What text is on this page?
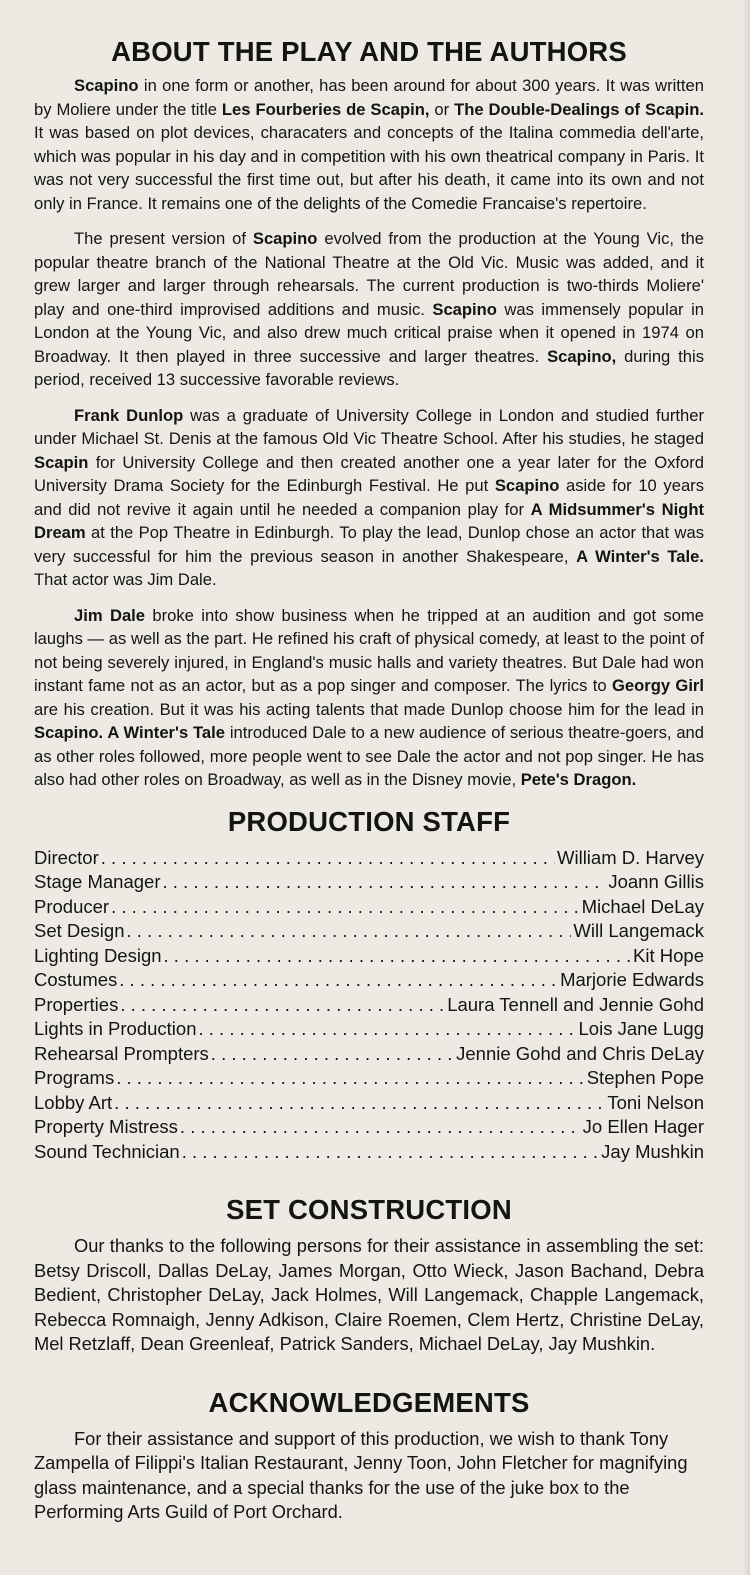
ABOUT THE PLAY AND THE AUTHORS

Scapino in one form or another, has been around for about 300 years. It was written by Moliere under the title Les Fourberies de Scapin, or The Double-Dealings of Scapin. It was based on plot devices, characaters and concepts of the Italina commedia dell'arte, which was popular in his day and in competition with his own theatrical company in Paris. It was not very successful the first time out, but after his death, it came into its own and not only in France. It remains one of the delights of the Comedie Francaise's repertoire.

The present version of Scapino evolved from the production at the Young Vic, the popular theatre branch of the National Theatre at the Old Vic. Music was added, and it grew larger and larger through rehearsals. The current production is two-thirds Moliere' play and one-third improvised additions and music. Scapino was immensely popular in London at the Young Vic, and also drew much critical praise when it opened in 1974 on Broadway. It then played in three successive and larger theatres. Scapino, during this period, received 13 successive favorable reviews.

Frank Dunlop was a graduate of University College in London and studied further under Michael St. Denis at the famous Old Vic Theatre School. After his studies, he staged Scapin for University College and then created another one a year later for the Oxford University Drama Society for the Edinburgh Festival. He put Scapino aside for 10 years and did not revive it again until he needed a companion play for A Midsummer's Night Dream at the Pop Theatre in Edinburgh. To play the lead, Dunlop chose an actor that was very successful for him the previous season in another Shakespeare, A Winter's Tale. That actor was Jim Dale.

Jim Dale broke into show business when he tripped at an audition and got some laughs — as well as the part. He refined his craft of physical comedy, at least to the point of not being severely injured, in England's music halls and variety theatres. But Dale had won instant fame not as an actor, but as a pop singer and composer. The lyrics to Georgy Girl are his creation. But it was his acting talents that made Dunlop choose him for the lead in Scapino. A Winter's Tale introduced Dale to a new audience of serious theatre-goers, and as other roles followed, more people went to see Dale the actor and not pop singer. He has also had other roles on Broadway, as well as in the Disney movie, Pete's Dragon.

PRODUCTION STAFF
Director . . .	William D. Harvey
Stage Manager . . .	Joann Gillis
Producer . . .	Michael DeLay
Set Design . . .	Will Langemack
Lighting Design . . .	Kit Hope
Costumes . . .	Marjorie Edwards
Properties . . .	Laura Tennell and Jennie Gohd
Lights in Production . . .	Lois Jane Lugg
Rehearsal Prompters . . .	Jennie Gohd and Chris DeLay
Programs . . .	Stephen Pope
Lobby Art . . .	Toni Nelson
Property Mistress . . .	Jo Ellen Hager
Sound Technician . . .	Jay Mushkin
SET CONSTRUCTION

Our thanks to the following persons for their assistance in assembling the set: Betsy Driscoll, Dallas DeLay, James Morgan, Otto Wieck, Jason Bachand, Debra Bedient, Christopher DeLay, Jack Holmes, Will Langemack, Chapple Langemack, Rebecca Romnaigh, Jenny Adkison, Claire Roemen, Clem Hertz, Christine DeLay, Mel Retzlaff, Dean Greenleaf, Patrick Sanders, Michael DeLay, Jay Mushkin.

ACKNOWLEDGEMENTS

For their assistance and support of this production, we wish to thank Tony Zampella of Filippi's Italian Restaurant, Jenny Toon, John Fletcher for magnifying glass maintenance, and a special thanks for the use of the juke box to the Performing Arts Guild of Port Orchard.
